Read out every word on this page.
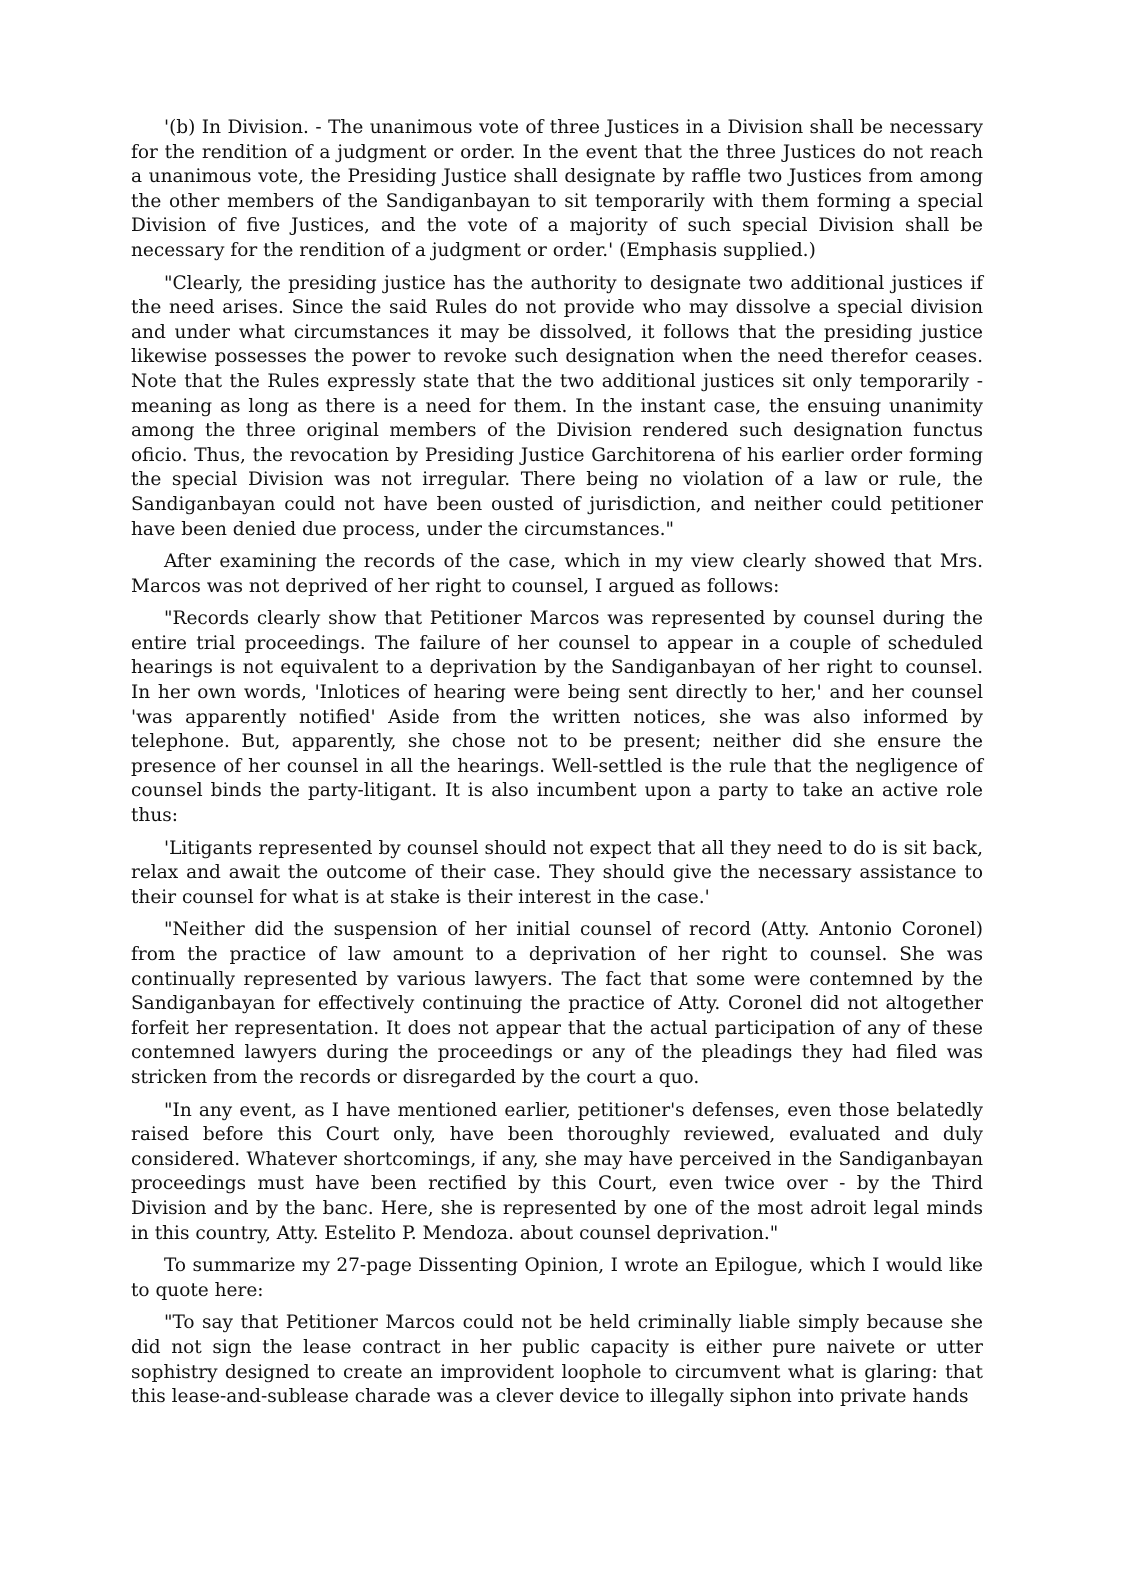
'(b) In Division. - The unanimous vote of three Justices in a Division shall be necessary for the rendition of a judgment or order. In the event that the three Justices do not reach a unanimous vote, the Presiding Justice shall designate by raffle two Justices from among the other members of the Sandiganbayan to sit temporarily with them forming a special Division of five Justices, and the vote of a majority of such special Division shall be necessary for the rendition of a judgment or order.' (Emphasis supplied.)

"Clearly, the presiding justice has the authority to designate two additional justices if the need arises. Since the said Rules do not provide who may dissolve a special division and under what circumstances it may be dissolved, it follows that the presiding justice likewise possesses the power to revoke such designation when the need therefor ceases. Note that the Rules expressly state that the two additional justices sit only temporarily - meaning as long as there is a need for them. In the instant case, the ensuing unanimity among the three original members of the Division rendered such designation functus oficio. Thus, the revocation by Presiding Justice Garchitorena of his earlier order forming the special Division was not irregular. There being no violation of a law or rule, the Sandiganbayan could not have been ousted of jurisdiction, and neither could petitioner have been denied due process, under the circumstances."

After examining the records of the case, which in my view clearly showed that Mrs. Marcos was not deprived of her right to counsel, I argued as follows:

"Records clearly show that Petitioner Marcos was represented by counsel during the entire trial proceedings. The failure of her counsel to appear in a couple of scheduled hearings is not equivalent to a deprivation by the Sandiganbayan of her right to counsel. In her own words, 'Inlotices of hearing were being sent directly to her,' and her counsel 'was apparently notified' Aside from the written notices, she was also informed by telephone. But, apparently, she chose not to be present; neither did she ensure the presence of her counsel in all the hearings. Well-settled is the rule that the negligence of counsel binds the party-litigant. It is also incumbent upon a party to take an active role thus:

'Litigants represented by counsel should not expect that all they need to do is sit back, relax and await the outcome of their case. They should give the necessary assistance to their counsel for what is at stake is their interest in the case.'

"Neither did the suspension of her initial counsel of record (Atty. Antonio Coronel) from the practice of law amount to a deprivation of her right to counsel. She was continually represented by various lawyers. The fact that some were contemned by the Sandiganbayan for effectively continuing the practice of Atty. Coronel did not altogether forfeit her representation. It does not appear that the actual participation of any of these contemned lawyers during the proceedings or any of the pleadings they had filed was stricken from the records or disregarded by the court a quo.

"In any event, as I have mentioned earlier, petitioner's defenses, even those belatedly raised before this Court only, have been thoroughly reviewed, evaluated and duly considered. Whatever shortcomings, if any, she may have perceived in the Sandiganbayan proceedings must have been rectified by this Court, even twice over - by the Third Division and by the banc. Here, she is represented by one of the most adroit legal minds in this country, Atty. Estelito P. Mendoza. about counsel deprivation."

To summarize my 27-page Dissenting Opinion, I wrote an Epilogue, which I would like to quote here:

"To say that Petitioner Marcos could not be held criminally liable simply because she did not sign the lease contract in her public capacity is either pure naivete or utter sophistry designed to create an improvident loophole to circumvent what is glaring: that this lease-and-sublease charade was a clever device to illegally siphon into private hands
